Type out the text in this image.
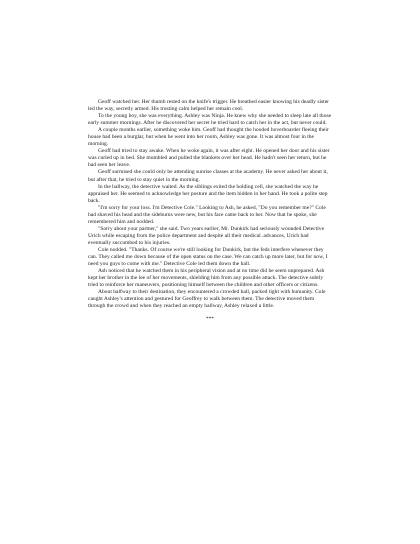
Geoff watched her. Her thumb rested on the knife's trigger. He breathed easier knowing his deadly sister led the way, secretly armed. His trusting calm helped her remain cool.

To the young boy, she was everything. Ashley was Ninja. He knew why she needed to sleep late all those early summer mornings. After he discovered her secret he tried hard to catch her in the act, but never could.

A couple months earlier, something woke him. Geoff had thought the hooded hoverboarder fleeing their house had been a burglar, but when he went into her room, Ashley was gone. It was almost four in the morning.

Geoff had tried to stay awake. When he woke again, it was after eight. He opened her door and his sister was curled up in bed. She mumbled and pulled the blankets over her head. He hadn't seen her return, but he had seen her leave.

Geoff surmised she could only be attending sunrise classes at the academy. He never asked her about it, but after that, he tried to stay quiet in the morning.

In the hallway, the detective waited. As the siblings exited the holding cell, she watched the way he appraised her. He seemed to acknowledge her posture and the item hidden in her hand. He took a polite step back.

"I'm sorry for your loss. I'm Detective Cole." Looking to Ash, he asked, "Do you remember me?" Cole had shaved his head and the sideburns were new, but his face came back to her. Now that he spoke, she remembered him and nodded.

"Sorry about your partner," she said. Two years earlier, Mr. Dunkirk had seriously wounded Detective Urich while escaping from the police department and despite all their medical .advances, Urich had eventually succumbed to his injuries.

Cole nodded. "Thanks. Of course we're still looking for Dunkirk, but the feds interfere whenever they can. They called me down because of the open status on the case. We can catch up more later, but for now, I need you guys to come with me." Detective Cole led them down the hall.

Ash noticed that he watched them in his peripheral vision and at no time did he seem unprepared. Ash kept her brother in the lee of her movements, shielding him from any possible attack. The detective subtly tried to reinforce her maneuvers, positioning himself between the children and other officers or citizens.

About halfway to their destination, they encountered a crowded hall, packed tight with humanity. Cole caught Ashley's attention and gestured for Geoffrey to walk between them. The detective moved them through the crowd and when they reached an empty hallway, Ashley relaxed a little.

***
